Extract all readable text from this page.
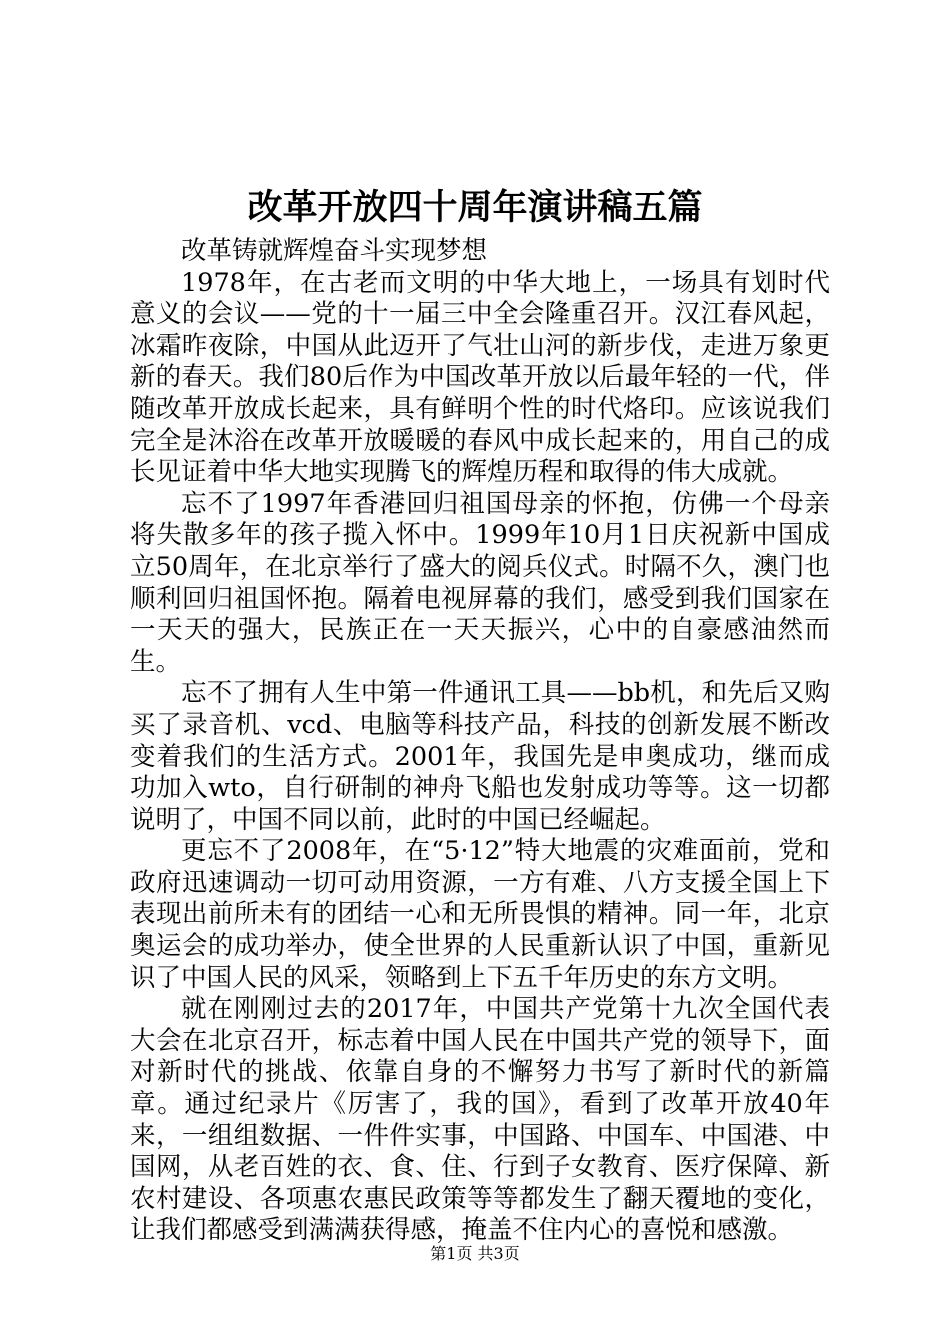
改革开放四十周年演讲稿五篇

改革铸就辉煌奋斗实现梦想

1978年，在古老而文明的中华大地上，一场具有划时代意义的会议——党的十一届三中全会隆重召开。汉江春风起，冰霜昨夜除，中国从此迈开了气壮山河的新步伐，走进万象更新的春天。我们80后作为中国改革开放以后最年轻的一代，伴随改革开放成长起来，具有鲜明个性的时代烙印。应该说我们完全是沐浴在改革开放暖暖的春风中成长起来的，用自己的成长见证着中华大地实现腾飞的辉煌历程和取得的伟大成就。

忘不了1997年香港回归祖国母亲的怀抱，仿佛一个母亲将失散多年的孩子揽入怀中。1999年10月1日庆祝新中国成立50周年，在北京举行了盛大的阅兵仪式。时隔不久，澳门也顺利回归祖国怀抱。隔着电视屏幕的我们，感受到我们国家在一天天的强大，民族正在一天天振兴，心中的自豪感油然而生。

忘不了拥有人生中第一件通讯工具——bb机，和先后又购买了录音机、vcd、电脑等科技产品，科技的创新发展不断改变着我们的生活方式。2001年，我国先是申奥成功，继而成功加入wto，自行研制的神舟飞船也发射成功等等。这一切都说明了，中国不同以前，此时的中国已经崛起。

更忘不了2008年，在“5·12”特大地震的灾难面前，党和政府迅速调动一切可动用资源，一方有难、八方支援全国上下表现出前所未有的团结一心和无所畏惧的精神。同一年，北京奥运会的成功举办，使全世界的人民重新认识了中国，重新见识了中国人民的风采，领略到上下五千年历史的东方文明。

就在刚刚过去的2017年，中国共产党第十九次全国代表大会在北京召开，标志着中国人民在中国共产党的领导下，面对新时代的挑战、依靠自身的不懈努力书写了新时代的新篇章。通过纪录片《厉害了，我的国》，看到了改革开放40年来，一组组数据、一件件实事，中国路、中国车、中国港、中国网，从老百姓的衣、食、住、行到子女教育、医疗保障、新农村建设、各项惠农惠民政策等等都发生了翻天覆地的变化，让我们都感受到满满获得感，掩盖不住内心的喜悦和感激。

第1页 共3页
